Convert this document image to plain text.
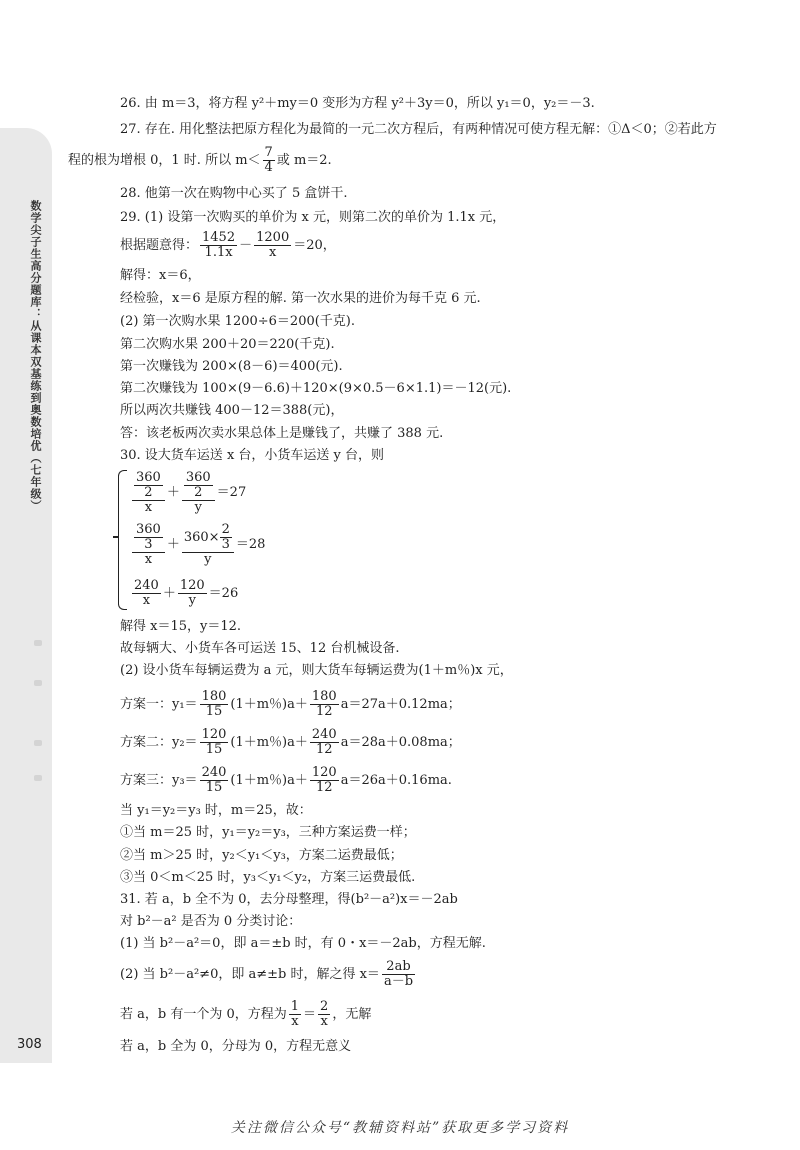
数学尖子生高分题库：从课本双基练到奥数培优（七年级）
26. 由 m＝3，将方程 y²＋my＝0 变形为方程 y²＋3y＝0，所以 y₁＝0，y₂＝－3.
27. 存在. 用化整法把原方程化为最简的一元二次方程后，有两种情况可使方程无解：①Δ＜0；②若此方
程的根为增根 0，1 时. 所以 $m< \frac{7}{4}$ 或 m＝2.
28. 他第一次在购物中心买了 5 盒饼干.
29. (1) 设第一次购买的单价为 x 元，则第二次的单价为 1.1x 元，
根据题意得： $\frac{1452}{1.1x} - \frac{1200}{x} =20$，
解得：x＝6，
经检验，x＝6 是原方程的解. 第一次水果的进价为每千克 6 元.
(2) 第一次购水果 1200÷6＝200(千克).
第二次购水果 200＋20＝220(千克).
第一次赚钱为 200×(8－6)＝400(元).
第二次赚钱为 100×(9－6.6)＋120×(9×0.5－6×1.1)＝－12(元).
所以两次共赚钱 400－12＝388(元)，
答：该老板两次卖水果总体上是赚钱了，共赚了 388 元.
30. 设大货车运送 x 台，小货车运送 y 台，则
$\frac{\frac{360}{2}}{x} + \frac{\frac{360}{2}}{y} =27$
$\frac{\frac{360}{3}}{x} + \frac{360\times \frac{2}{3}}{y} =28$
$\frac{240}{x} + \frac{120}{y} =26$
解得 x＝15，y＝12.
故每辆大、小货车各可运送 15、12 台机械设备.
(2) 设小货车每辆运费为 a 元，则大货车每辆运费为(1＋m％)x 元，
方案一：$y_1= \frac{180}{15} (1+m$％)$a+ \frac{180}{12} a=27a+0.12ma$；
方案二：$y_2= \frac{120}{15} (1+m$％)$a+ \frac{240}{12} a=28a+0.08ma$；
方案三：$y_3= \frac{240}{15} (1+m$％)$a+ \frac{120}{12} a=26a+0.16ma$.
当 y₁＝y₂＝y₃ 时，m＝25，故：
①当 m＝25 时，y₁＝y₂＝y₃，三种方案运费一样；
②当 m＞25 时，y₂＜y₁＜y₃，方案二运费最低；
③当 0＜m＜25 时，y₃＜y₁＜y₂，方案三运费最低.
31. 若 a，b 全不为 0，去分母整理，得(b²－a²)x＝－2ab
对 b²－a² 是否为 0 分类讨论：
(1) 当 b²－a²＝0，即 a＝±b 时，有 0・x＝－2ab，方程无解.
(2) 当 b²－a²≠0，即 a≠±b 时，解之得 $x= \frac{2ab}{a-b}$
若 a，b 有一个为 0，方程为 $\frac{1}{x} = \frac{2}{x}$ ，无解
若 a，b 全为 0，分母为 0，方程无意义
308
关注微信公众号“教辅资料站”获取更多学习资料
